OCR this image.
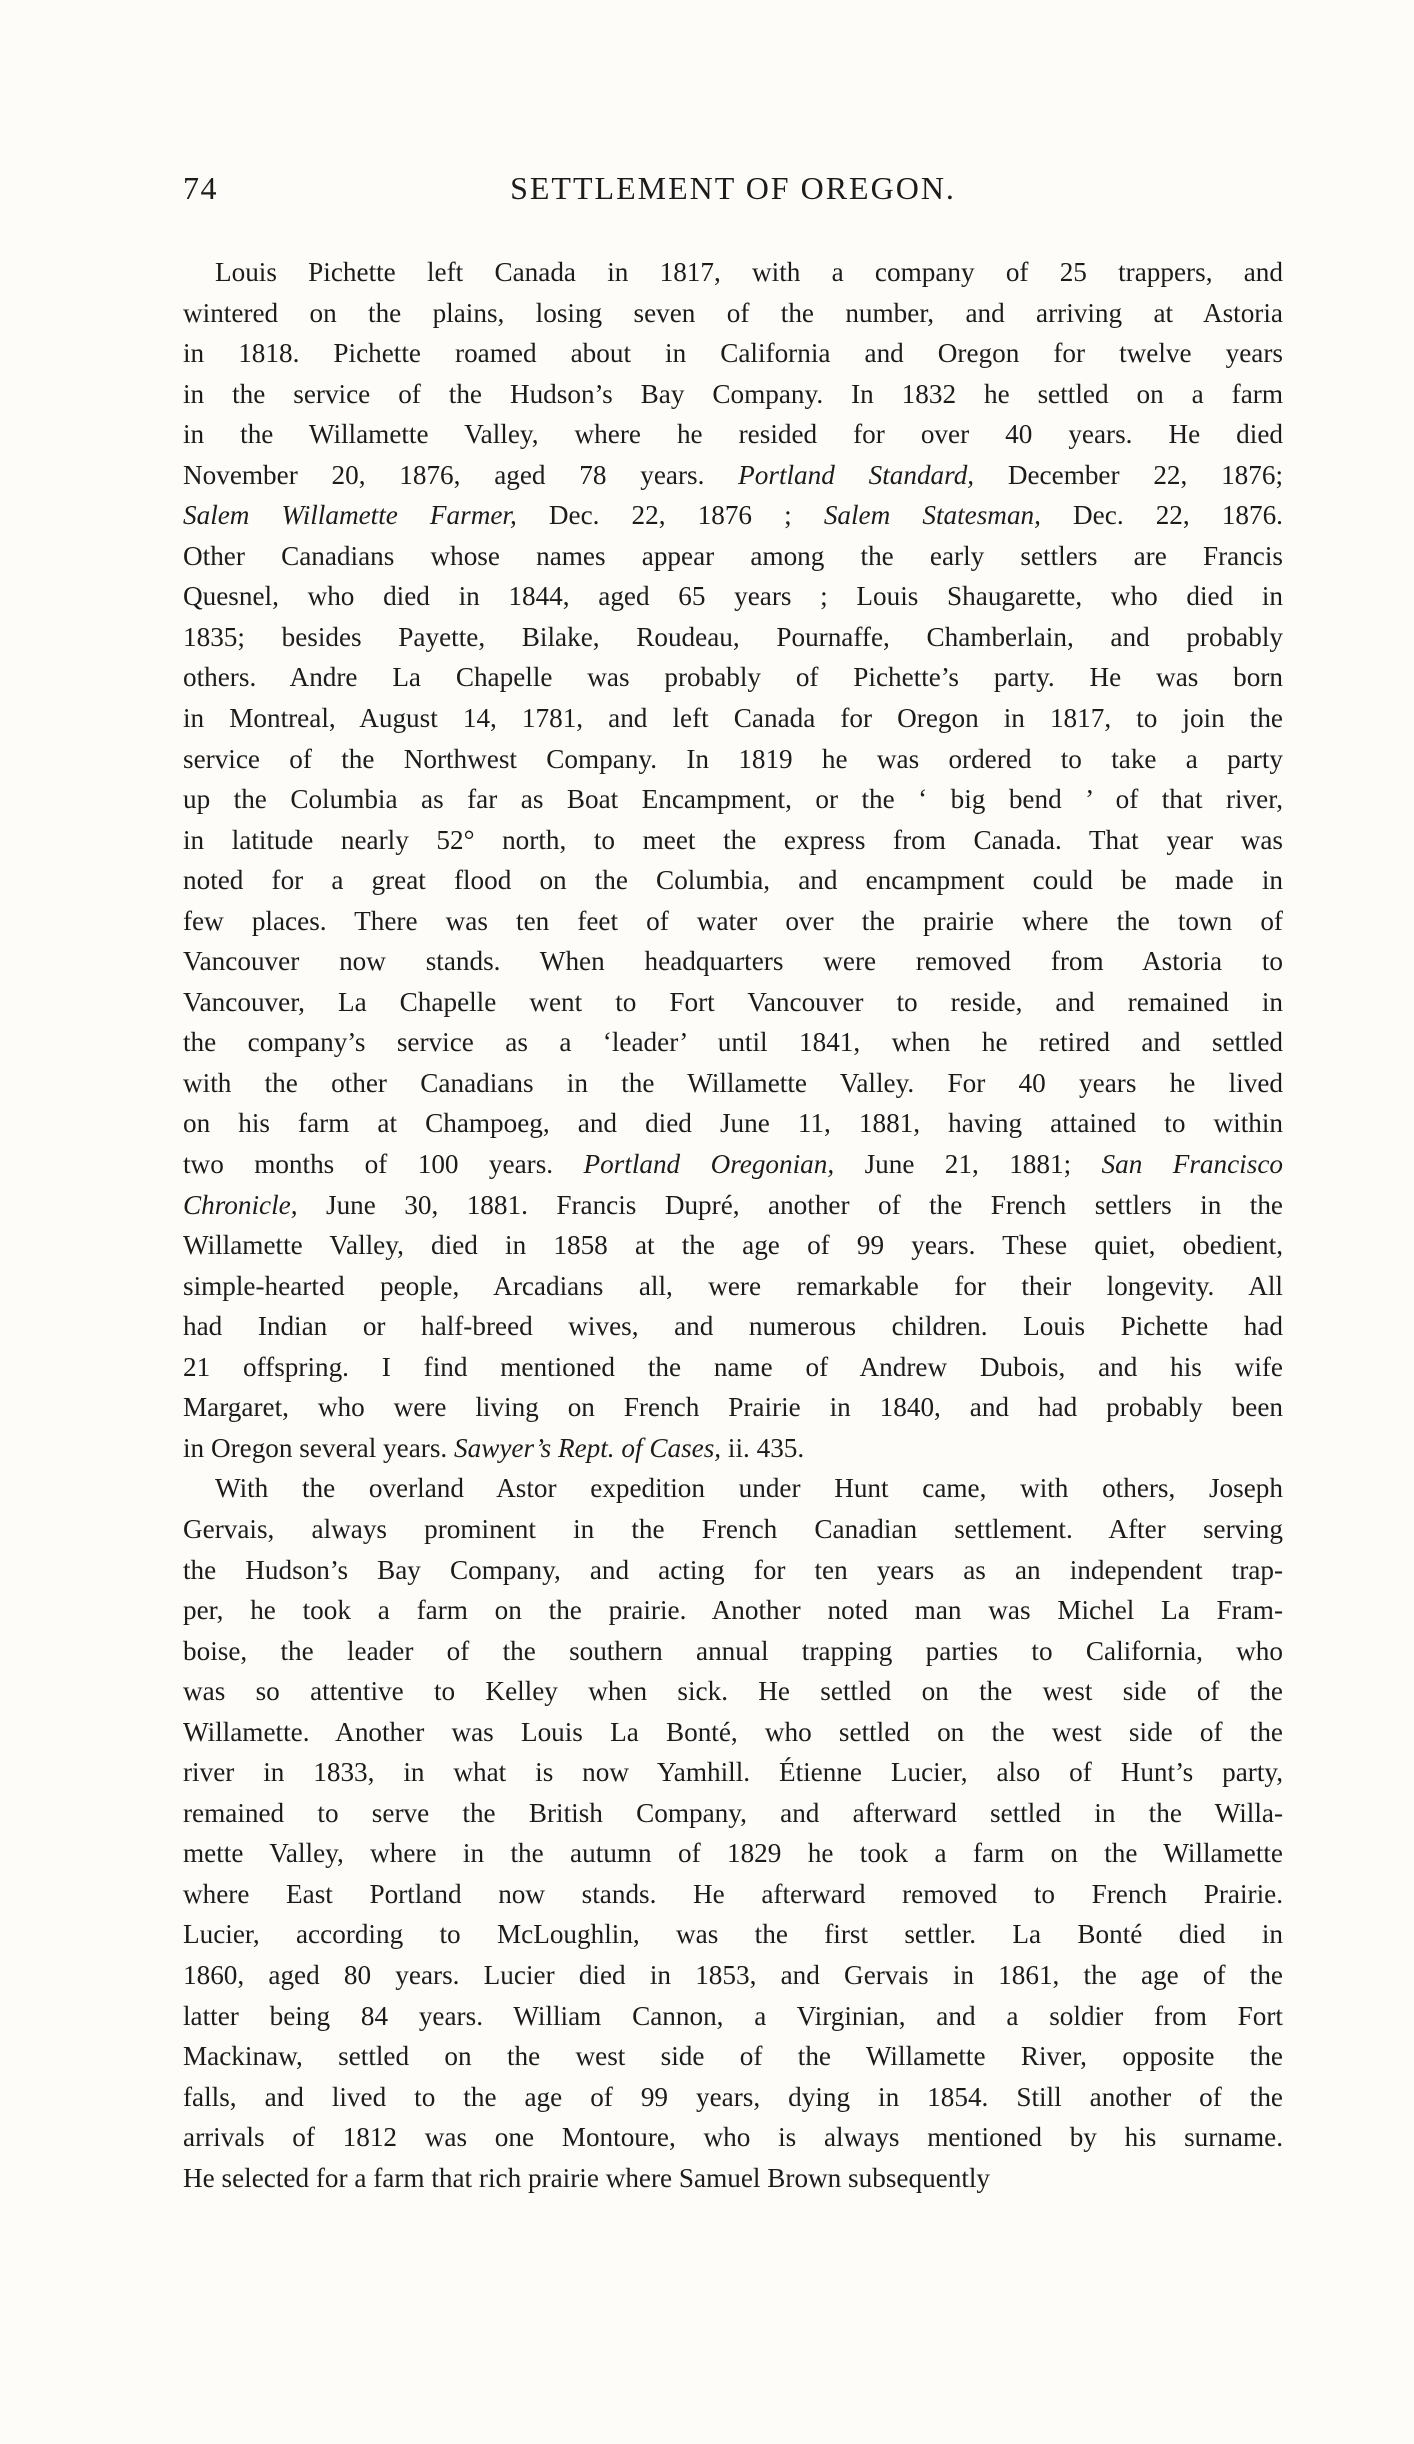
74	SETTLEMENT OF OREGON.
Louis Pichette left Canada in 1817, with a company of 25 trappers, and
wintered on the plains, losing seven of the number, and arriving at Astoria
in 1818. Pichette roamed about in California and Oregon for twelve years
in the service of the Hudson’s Bay Company. In 1832 he settled on a farm
in the Willamette Valley, where he resided for over 40 years. He died
November 20, 1876, aged 78 years. Portland Standard, December 22, 1876;
Salem Willamette Farmer, Dec. 22, 1876 ; Salem Statesman, Dec. 22, 1876.
Other Canadians whose names appear among the early settlers are Francis
Quesnel, who died in 1844, aged 65 years ; Louis Shaugarette, who died in
1835; besides Payette, Bilake, Roudeau, Pournaffe, Chamberlain, and probably
others. Andre La Chapelle was probably of Pichette’s party. He was born
in Montreal, August 14, 1781, and left Canada for Oregon in 1817, to join the
service of the Northwest Company. In 1819 he was ordered to take a party
up the Columbia as far as Boat Encampment, or the ‘ big bend ’ of that river,
in latitude nearly 52° north, to meet the express from Canada. That year was
noted for a great flood on the Columbia, and encampment could be made in
few places. There was ten feet of water over the prairie where the town of
Vancouver now stands. When headquarters were removed from Astoria to
Vancouver, La Chapelle went to Fort Vancouver to reside, and remained in
the company’s service as a ‘leader’ until 1841, when he retired and settled
with the other Canadians in the Willamette Valley. For 40 years he lived
on his farm at Champoeg, and died June 11, 1881, having attained to within
two months of 100 years. Portland Oregonian, June 21, 1881; San Francisco
Chronicle, June 30, 1881. Francis Dupré, another of the French settlers in the
Willamette Valley, died in 1858 at the age of 99 years. These quiet, obedient,
simple-hearted people, Arcadians all, were remarkable for their longevity. All
had Indian or half-breed wives, and numerous children. Louis Pichette had
21 offspring. I find mentioned the name of Andrew Dubois, and his wife
Margaret, who were living on French Prairie in 1840, and had probably been
in Oregon several years. Sawyer’s Rept. of Cases, ii. 435.
With the overland Astor expedition under Hunt came, with others, Joseph
Gervais, always prominent in the French Canadian settlement. After serving
the Hudson’s Bay Company, and acting for ten years as an independent trap-
per, he took a farm on the prairie. Another noted man was Michel La Fram-
boise, the leader of the southern annual trapping parties to California, who
was so attentive to Kelley when sick. He settled on the west side of the
Willamette. Another was Louis La Bonté, who settled on the west side of the
river in 1833, in what is now Yamhill. Étienne Lucier, also of Hunt’s party,
remained to serve the British Company, and afterward settled in the Willa-
mette Valley, where in the autumn of 1829 he took a farm on the Willamette
where East Portland now stands. He afterward removed to French Prairie.
Lucier, according to McLoughlin, was the first settler. La Bonté died in
1860, aged 80 years. Lucier died in 1853, and Gervais in 1861, the age of the
latter being 84 years. William Cannon, a Virginian, and a soldier from Fort
Mackinaw, settled on the west side of the Willamette River, opposite the
falls, and lived to the age of 99 years, dying in 1854. Still another of the
arrivals of 1812 was one Montoure, who is always mentioned by his surname.
He selected for a farm that rich prairie where Samuel Brown subsequently
